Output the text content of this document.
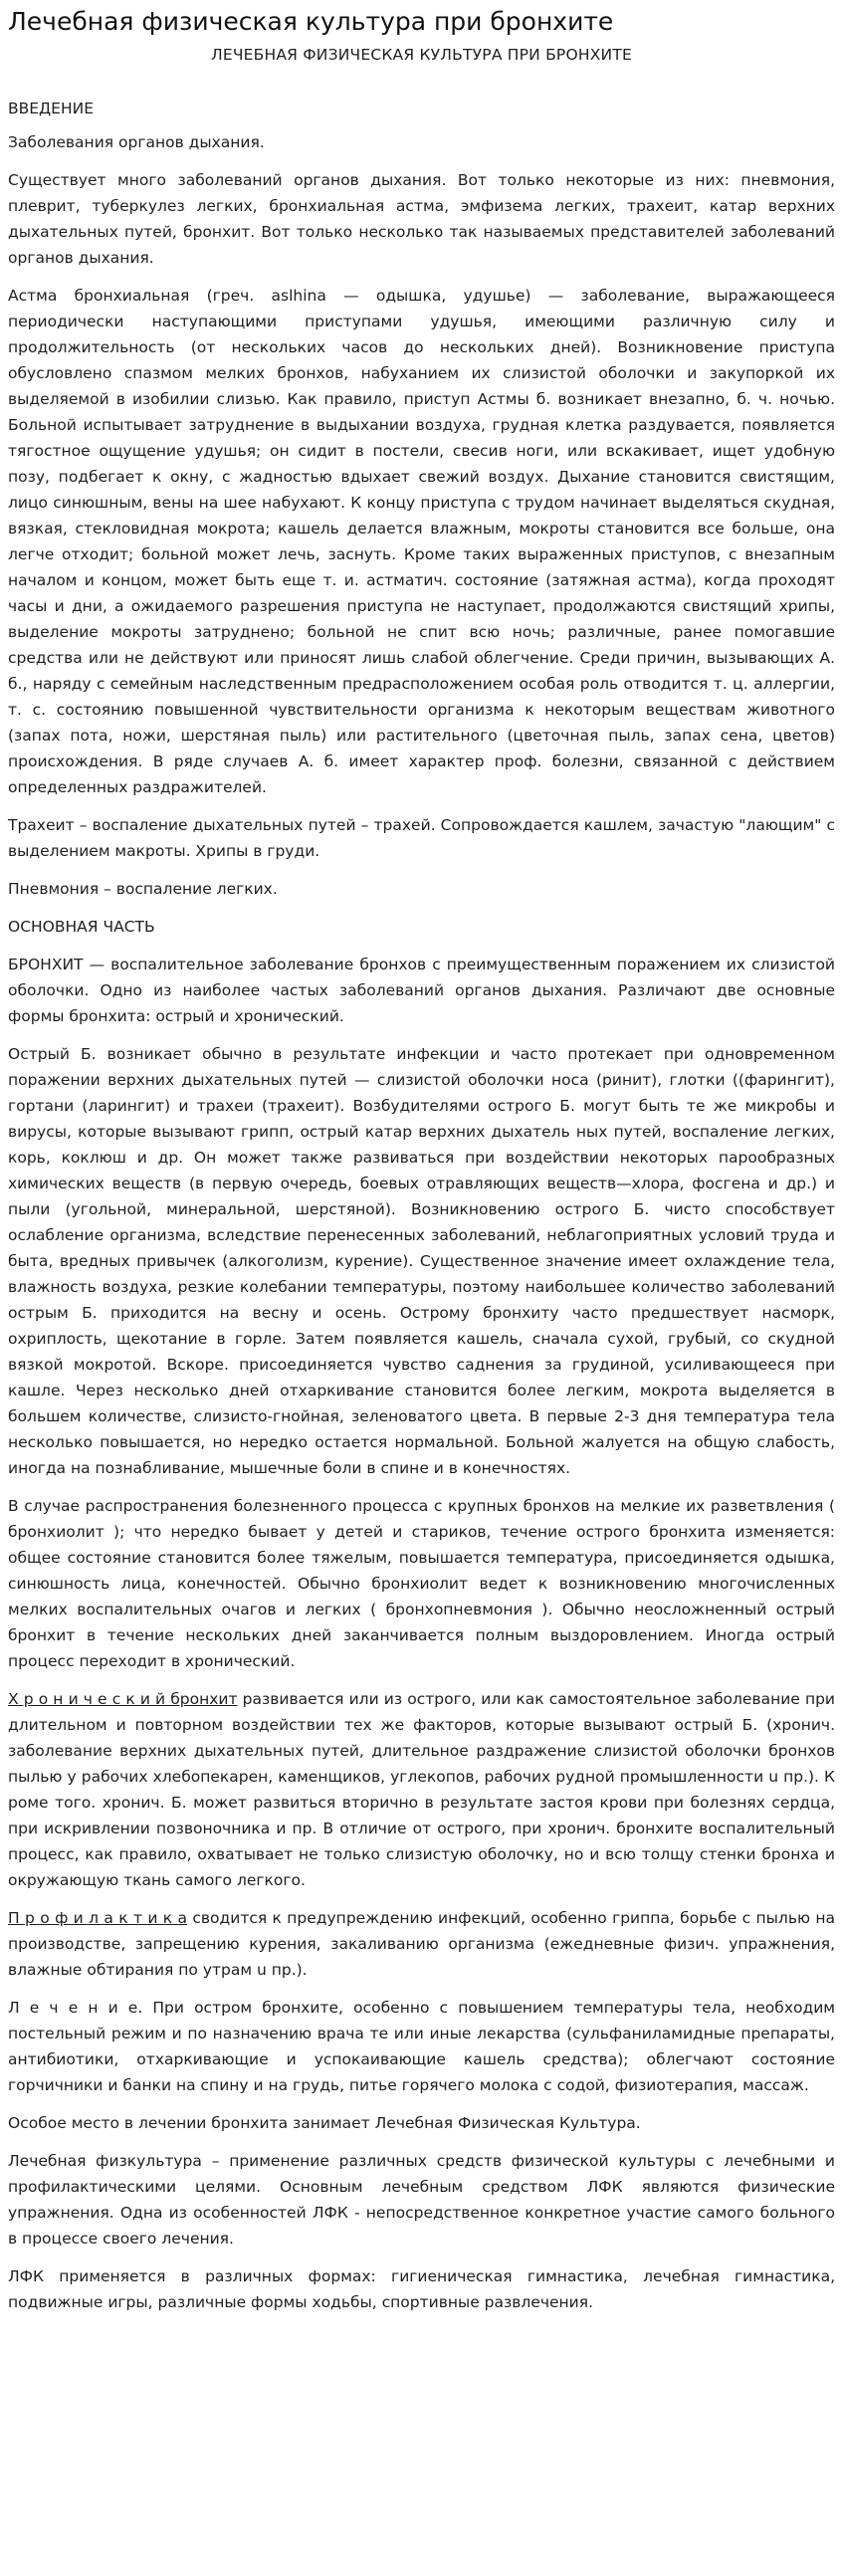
Лечебная физическая культура при бронхите
ЛЕЧЕБНАЯ ФИЗИЧЕСКАЯ КУЛЬТУРА ПРИ БРОНХИТЕ
ВВЕДЕНИЕ

Заболевания органов дыхания.

Существует много заболеваний органов дыхания. Вот только некоторые из них: пневмония, плеврит, туберкулез легких, бронхиальная астма, эмфизема легких, трахеит, катар верхних дыхательных путей, бронхит. Вот только несколько так называемых представителей заболеваний органов дыхания.

Астма бронхиальная (греч. aslhina — одышка, удушье) — заболевание, выражающееся периодически наступающими приступами удушья, имеющими различную силу и продолжительность (от нескольких часов до нескольких дней). Возникновение приступа обусловлено спазмом мелких бронхов, набуханием их слизистой оболочки и закупоркой их выделяемой в изобилии слизью. Как правило, приступ Астмы б. возникает внезапно, б. ч. ночью. Больной испытывает затруднение в выдыхании воздуха, грудная клетка раздувается, появляется тягостное ощущение удушья; он сидит в постели, свесив ноги, или вскакивает, ищет удобную позу, подбегает к окну, с жадностью вдыхает свежий воздух. Дыхание становится свистящим, лицо синюшным, вены на шее набухают. К концу приступа с трудом начинает выделяться скудная, вязкая, стекловидная мокрота; кашель делается влажным, мокроты становится все больше, она легче отходит; больной может лечь, заснуть. Кроме таких выраженных приступов, с внезапным началом и концом, может быть еще т. и. астматич. состояние (затяжная астма), когда проходят часы и дни, а ожидаемого разрешения приступа не наступает, продолжаются свистящий хрипы, выделение мокроты затруднено; больной не спит всю ночь; различные, ранее помогавшие средства или не действуют или приносят лишь слабой облегчение. Среди причин, вызывающих А. б., наряду с семейным наследственным предрасположением особая роль отводится т. ц. аллергии, т. с. состоянию повышенной чувствительности организма к некоторым веществам животного (запах пота, ножи, шерстяная пыль) или растительного (цветочная пыль, запах сена, цветов) происхождения. В ряде случаев А. б. имеет характер проф. болезни, связанной с действием определенных раздражителей.

Трахеит – воспаление дыхательных путей – трахей. Сопровождается кашлем, зачастую "лающим" с выделением макроты. Хрипы в груди.

Пневмония – воспаление легких.

ОСНОВНАЯ ЧАСТЬ

БРОНХИТ — воспалительное заболевание бронхов с преимущественным поражением их слизистой оболочки. Одно из наиболее частых заболеваний органов дыхания. Различают две основные формы бронхита: острый и хронический.

Острый Б. возникает обычно в результате инфекции и часто протекает при одновременном поражении верхних дыхательных путей — слизистой оболочки носа (ринит), глотки ((фарингит), гортани (ларингит) и трахеи (трахеит). Возбудителями острого Б. могут быть те же микробы и вирусы, которые вызывают грипп, острый катар верхних дыхатель ных путей, воспаление легких, корь, коклюш и др. Он может также развиваться при воздействии некоторых парообразных химических веществ (в первую очередь, боевых отравляющих веществ—хлора, фосгена и др.) и пыли (угольной, минеральной, шерстяной). Возникновению острого Б. чисто способствует ослабление организма, вследствие перенесенных заболеваний, неблагоприятных условий труда и быта, вредных привычек (алкоголизм, курение). Существенное значение имеет охлаждение тела, влажность воздуха, резкие колебании температуры, поэтому наибольшее количество заболеваний острым Б. приходится на весну и осень. Острому бронхиту часто предшествует насморк, охриплость, щекотание в горле. Затем появляется кашель, сначала сухой, грубый, со скудной вязкой мокротой. Вскоре. присоединяется чувство саднения за грудиной, усиливающееся при кашле. Через несколько дней отхаркивание становится более легким, мокрота выделяется в большем количестве, слизисто-гнойная, зеленоватого цвета. В первые 2-3 дня температура тела несколько повышается, но нередко остается нормальной. Больной жалуется на общую слабость, иногда на познабливание, мышечные боли в спине и в конечностях.

В случае распространения болезненного процесса с крупных бронхов на мелкие их разветвления ( бронхиолит ); что нередко бывает у детей и стариков, течение острого бронхита изменяется: общее состояние становится более тяжелым, повышается температура, присоединяется одышка, синюшность лица, конечностей. Обычно бронхиолит ведет к возникновению многочисленных мелких воспалительных очагов и легких ( бронхопневмония ). Обычно неосложненный острый бронхит в течение нескольких дней заканчивается полным выздоровлением. Иногда острый процесс переходит в хронический.

Х р о н и ч е с к и й бронхит развивается или из острого, или как самостоятельное заболевание при длительном и повторном воздействии тех же факторов, которые вызывают острый Б. (хронич. заболевание верхних дыхательных путей, длительное раздражение слизистой оболочки бронхов пылью у рабочих хлебопекарен, каменщиков, углекопов, рабочих рудной промышленности u пр.). К роме того. хронич. Б. может развиться вторично в результате застоя крови при болезнях сердца, при искривлении позвоночника и пр. В отличие от острого, при хронич. бронхите воспалительный процесс, как правило, охватывает не только слизистую оболочку, но и всю толщу стенки бронха и окружающую ткань самого легкого.

П р о ф и л а к т и к а сводится к предупреждению инфекций, особенно гриппа, борьбе с пылью на производстве, запрещению курения, закаливанию организма (ежедневные физич. упражнения, влажные обтирания по утрам u пр.).

Л е ч е н и е. При остром бронхите, особенно с повышением температуры тела, необходим постельный режим и по назначению врача те или иные лекарства (сульфаниламидные препараты, антибиотики, отхаркивающие и успокаивающие кашель средства); облегчают состояние горчичники и банки на спину и на грудь, питье горячего молока с содой, физиотерапия, массаж.

Особое место в лечении бронхита занимает Лечебная Физическая Культура.

Лечебная физкультура – применение различных средств физической культуры с лечебными и профилактическими целями. Основным лечебным средством ЛФК являются физические упражнения. Одна из особенностей ЛФК - непосредственное конкретное участие самого больного в процессе своего лечения.

ЛФК применяется в различных формах: гигиеническая гимнастика, лечебная гимнастика, подвижные игры, различные формы ходьбы, спортивные развлечения.
